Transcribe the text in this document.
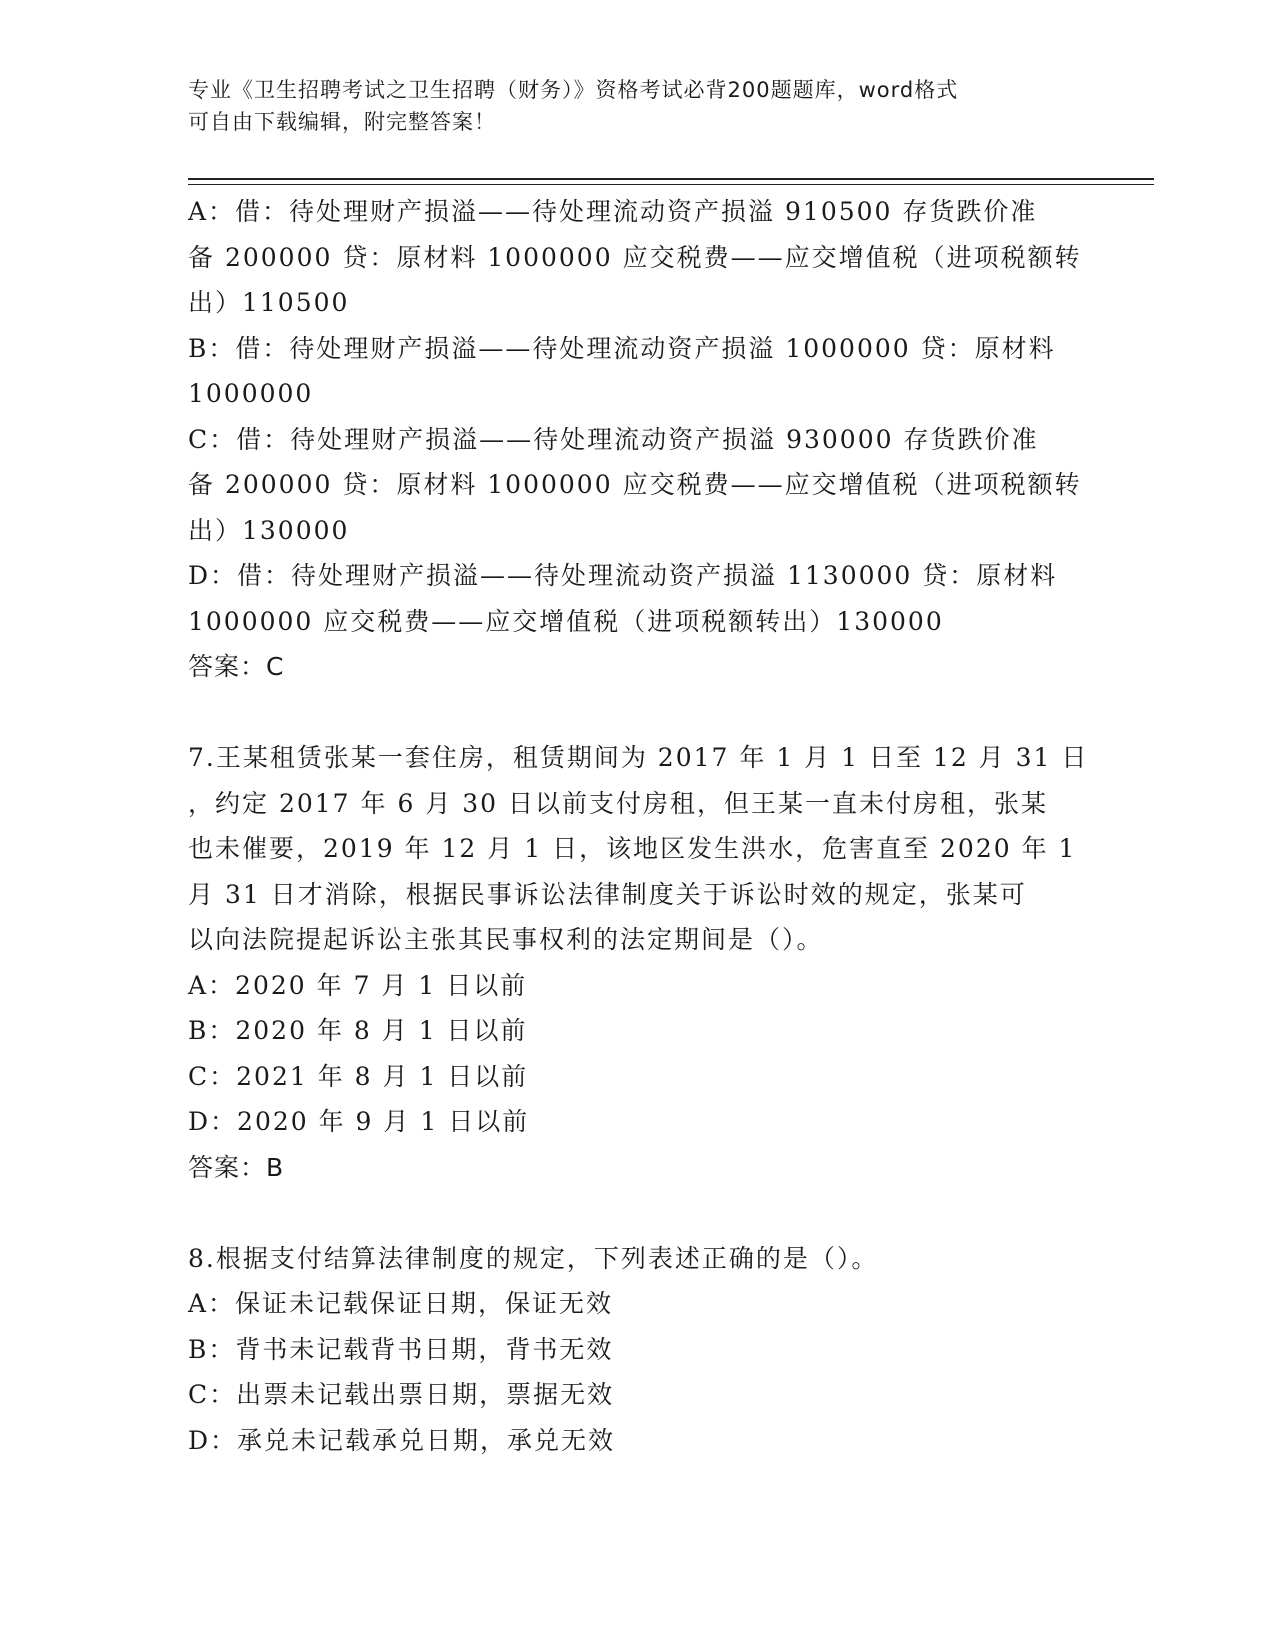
专业《卫生招聘考试之卫生招聘（财务）》资格考试必背200题题库，word格式
可自由下载编辑，附完整答案！
A：借：待处理财产损溢——待处理流动资产损溢 910500 存货跌价准
备 200000 贷：原材料 1000000 应交税费——应交增值税（进项税额转
出）110500
B：借：待处理财产损溢——待处理流动资产损溢 1000000 贷：原材料
1000000
C：借：待处理财产损溢——待处理流动资产损溢 930000 存货跌价准
备 200000 贷：原材料 1000000 应交税费——应交增值税（进项税额转
出）130000
D：借：待处理财产损溢——待处理流动资产损溢 1130000 贷：原材料
1000000 应交税费——应交增值税（进项税额转出）130000
答案：C
7.王某租赁张某一套住房，租赁期间为 2017 年 1 月 1 日至 12 月 31 日
，约定 2017 年 6 月 30 日以前支付房租，但王某一直未付房租，张某
也未催要，2019 年 12 月 1 日，该地区发生洪水，危害直至 2020 年 1
月 31 日才消除，根据民事诉讼法律制度关于诉讼时效的规定，张某可
以向法院提起诉讼主张其民事权利的法定期间是（）。
A：2020 年 7 月 1 日以前
B：2020 年 8 月 1 日以前
C：2021 年 8 月 1 日以前
D：2020 年 9 月 1 日以前
答案：B
8.根据支付结算法律制度的规定，下列表述正确的是（）。
A：保证未记载保证日期，保证无效
B：背书未记载背书日期，背书无效
C：出票未记载出票日期，票据无效
D：承兑未记载承兑日期，承兑无效
